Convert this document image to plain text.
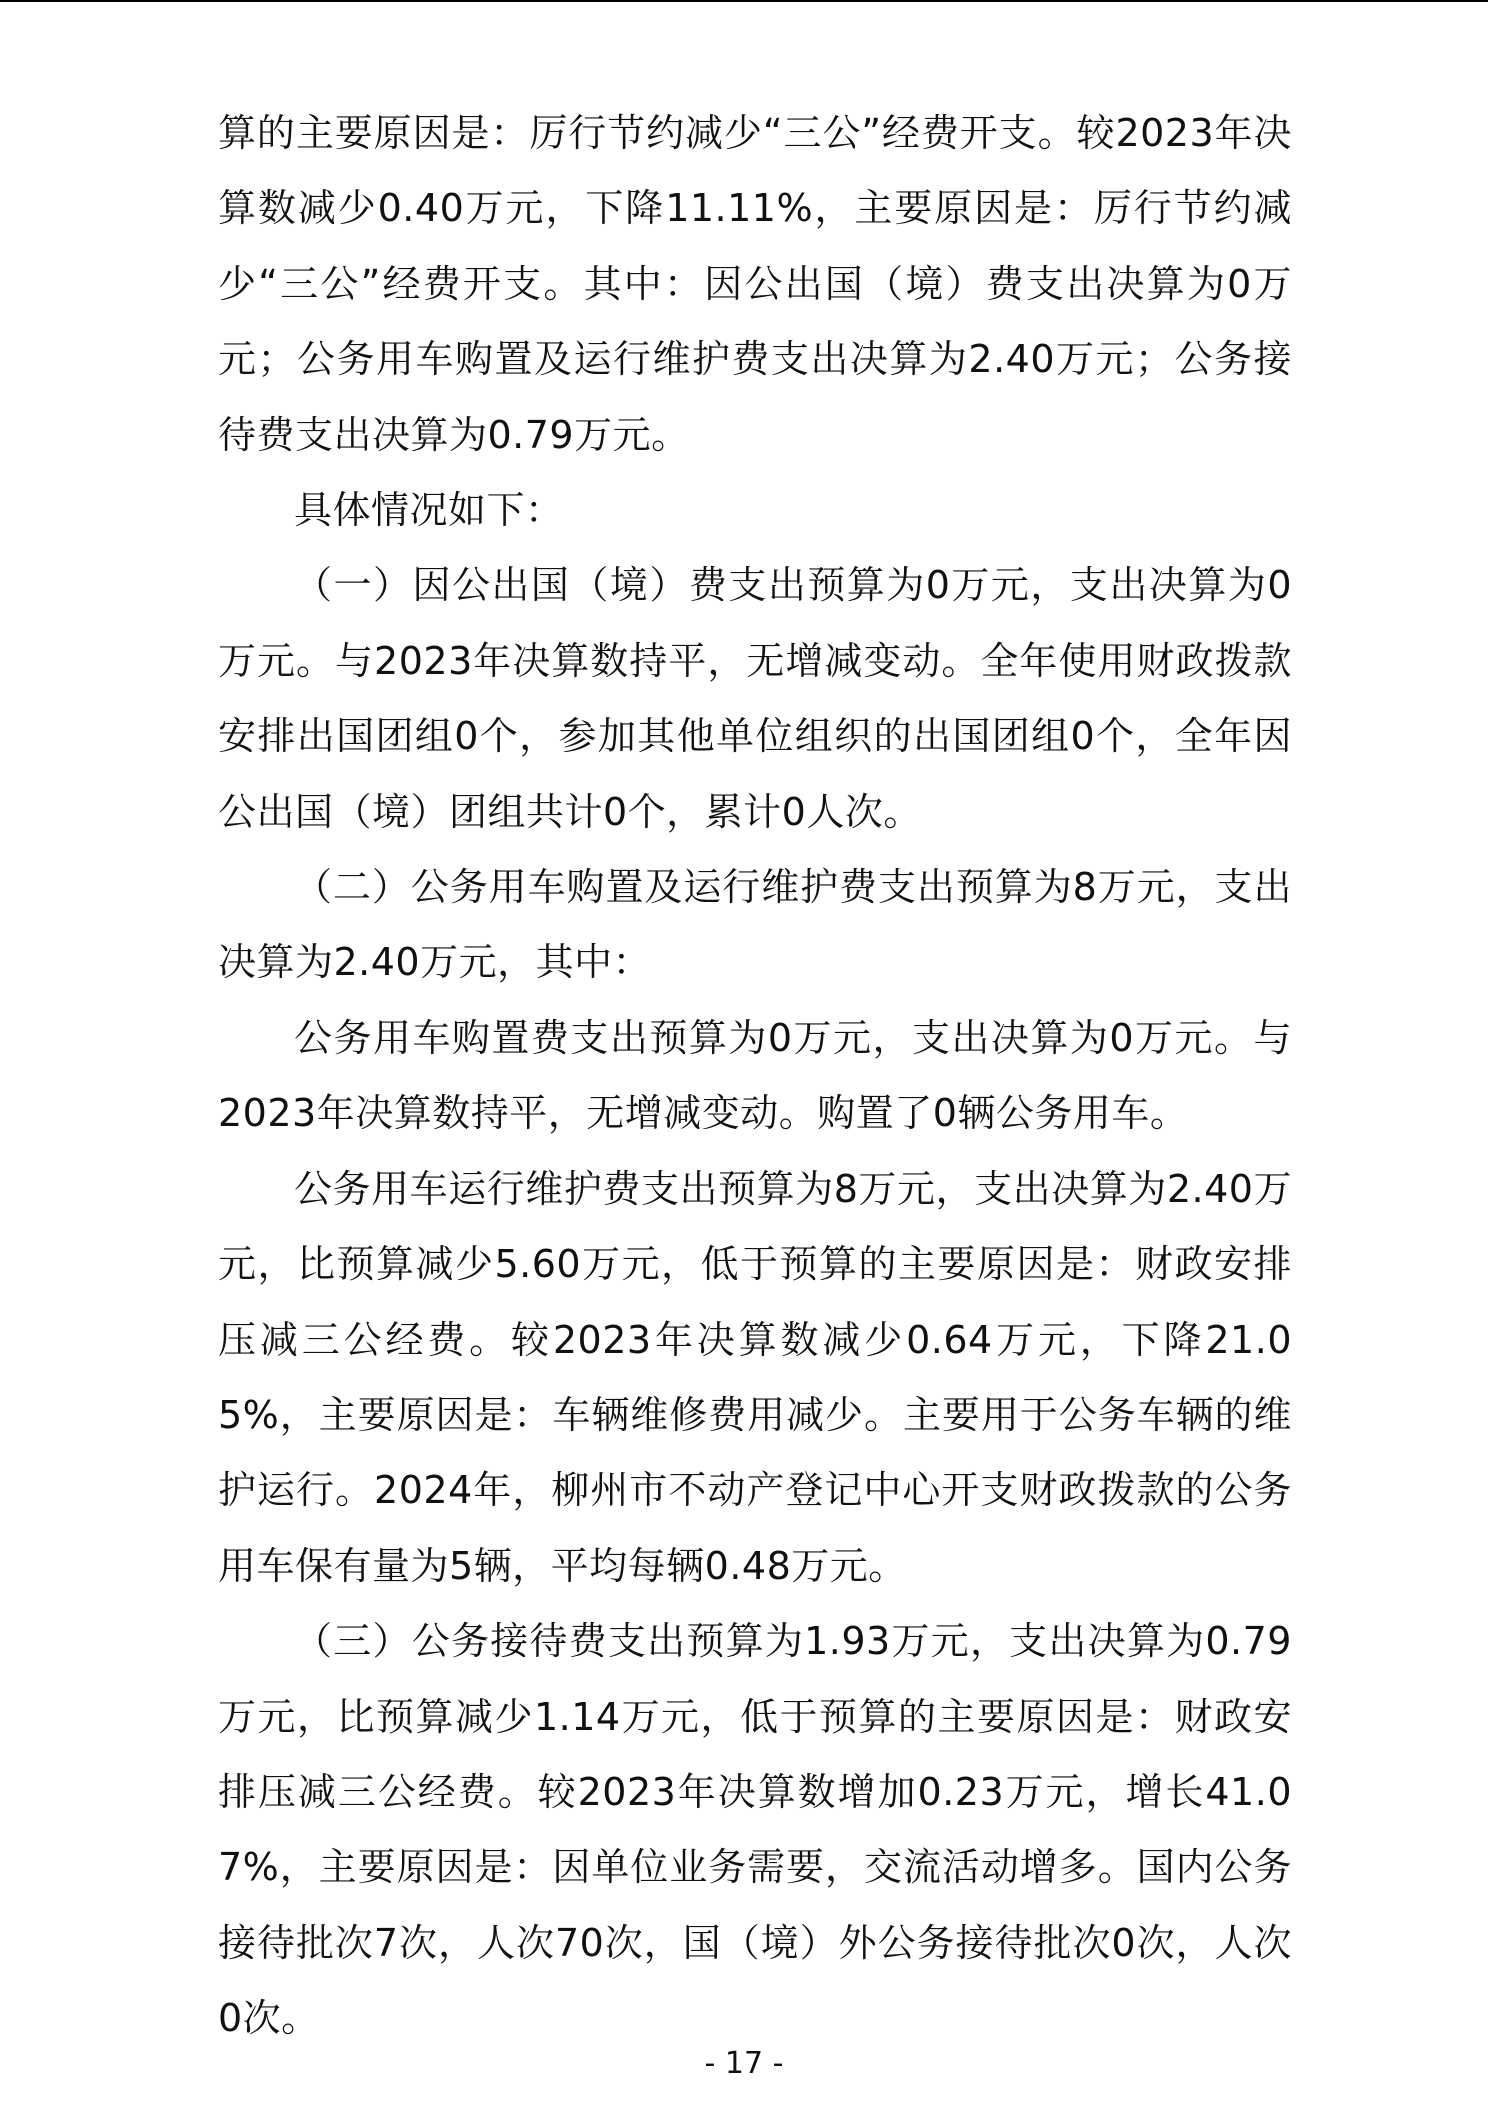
算的主要原因是：厉行节约减少“三公”经费开支。较2023年决算数减少0.40万元，下降11.11%，主要原因是：厉行节约减少“三公”经费开支。其中：因公出国（境）费支出决算为0万元；公务用车购置及运行维护费支出决算为2.40万元；公务接待费支出决算为0.79万元。

具体情况如下：

（一）因公出国（境）费支出预算为0万元，支出决算为0万元。与2023年决算数持平，无增减变动。全年使用财政拨款安排出国团组0个，参加其他单位组织的出国团组0个，全年因公出国（境）团组共计0个，累计0人次。

（二）公务用车购置及运行维护费支出预算为8万元，支出决算为2.40万元，其中：

公务用车购置费支出预算为0万元，支出决算为0万元。与2023年决算数持平，无增减变动。购置了0辆公务用车。

公务用车运行维护费支出预算为8万元，支出决算为2.40万元，比预算减少5.60万元，低于预算的主要原因是：财政安排压减三公经费。较2023年决算数减少0.64万元，下降21.05%，主要原因是：车辆维修费用减少。主要用于公务车辆的维护运行。2024年，柳州市不动产登记中心开支财政拨款的公务用车保有量为5辆，平均每辆0.48万元。

（三）公务接待费支出预算为1.93万元，支出决算为0.79万元，比预算减少1.14万元，低于预算的主要原因是：财政安排压减三公经费。较2023年决算数增加0.23万元，增长41.07%，主要原因是：因单位业务需要，交流活动增多。国内公务接待批次7次，人次70次，国（境）外公务接待批次0次，人次0次。

- 17 -
